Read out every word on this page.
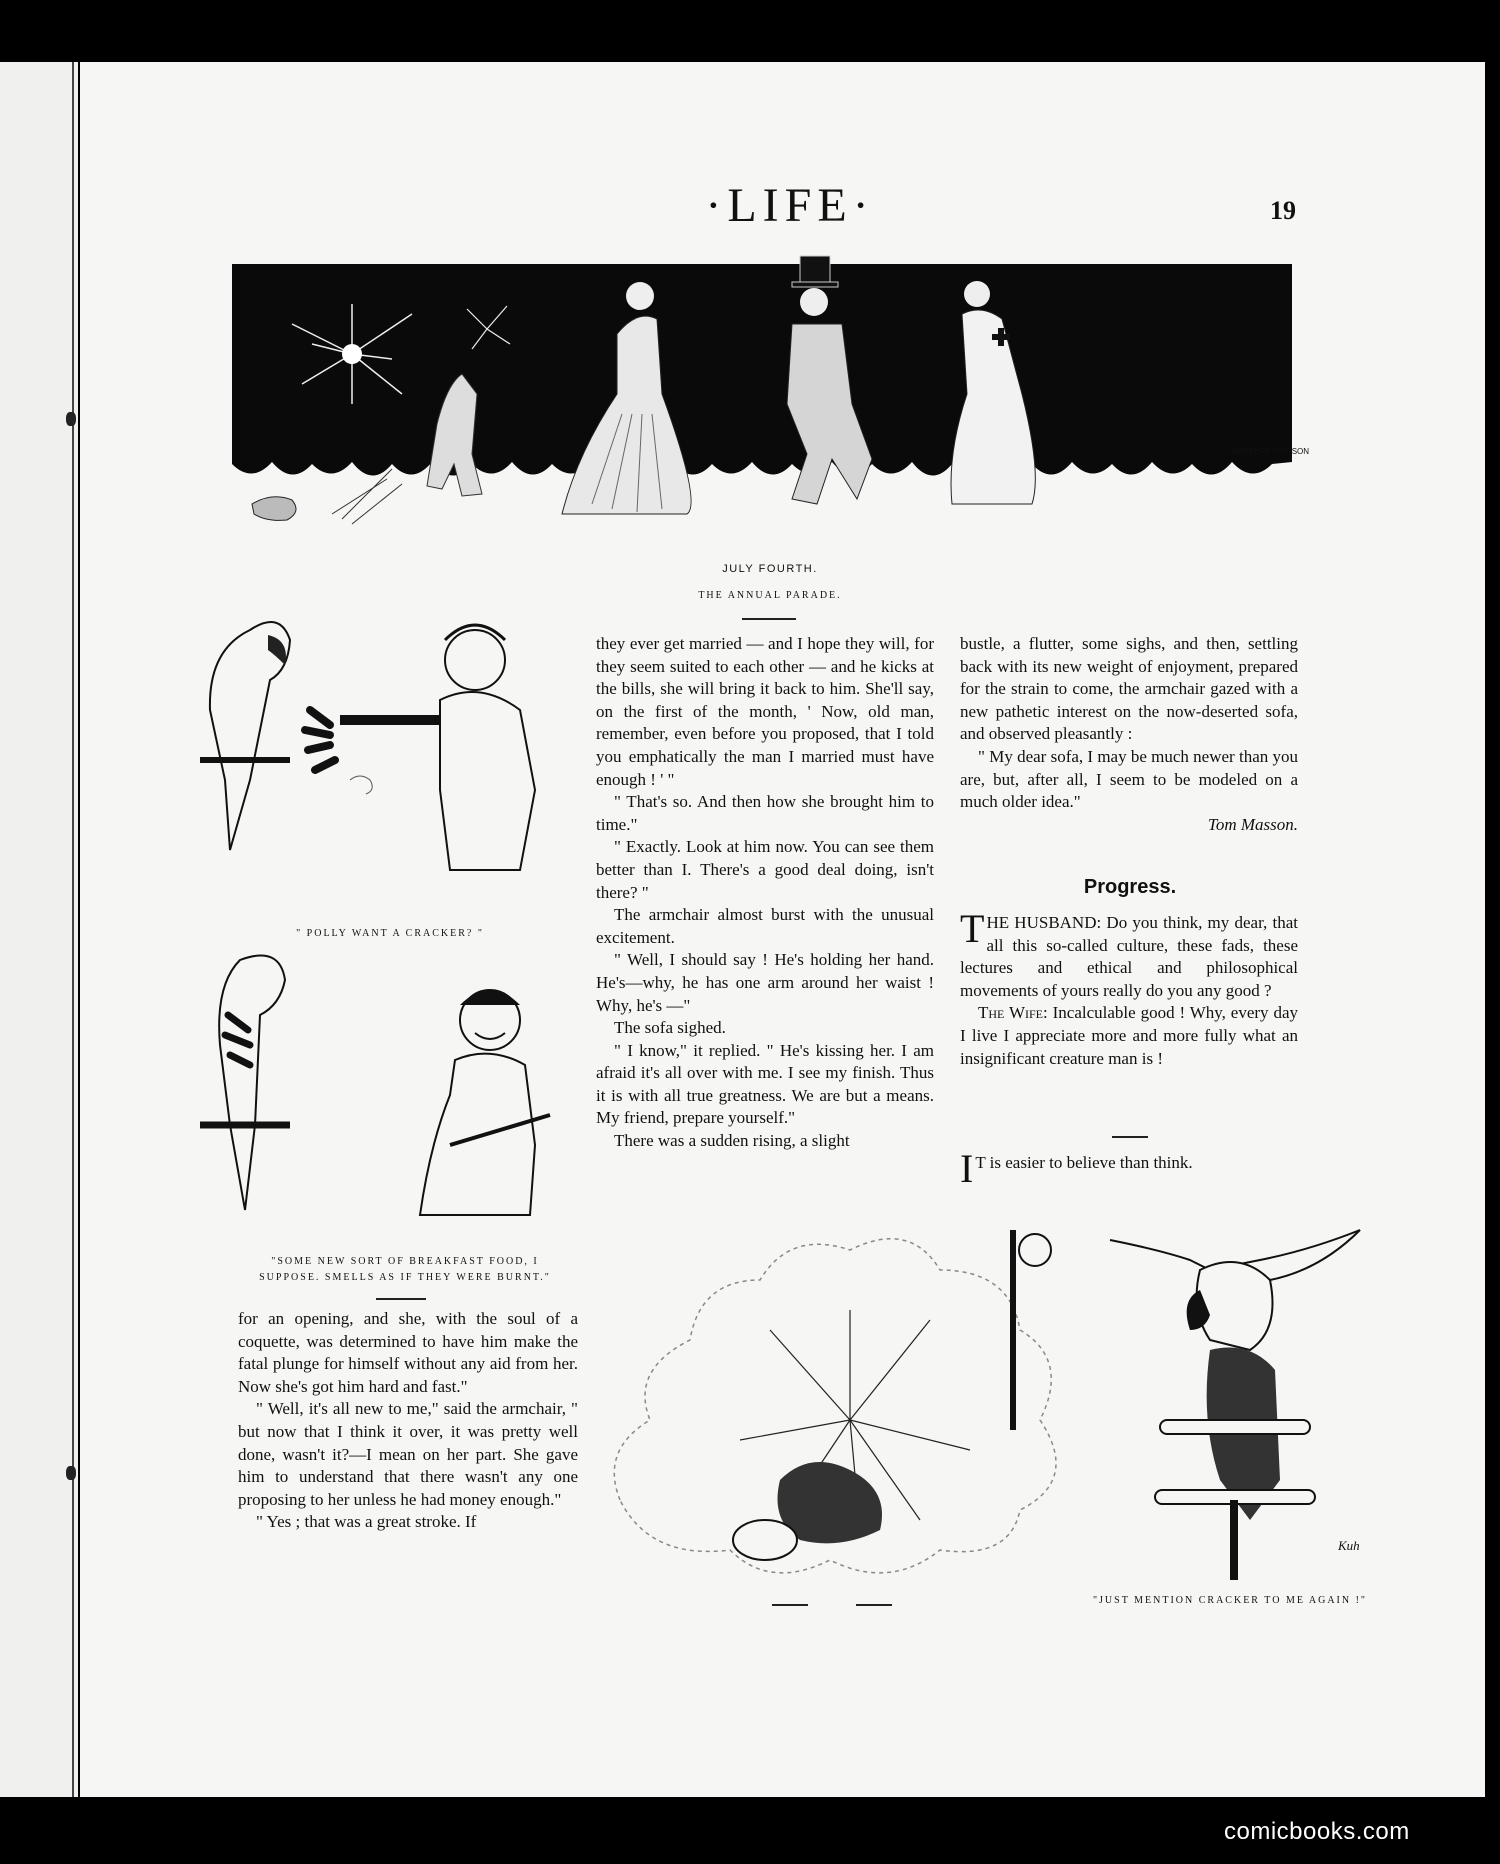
·LIFE·	19
HERBERT GRISSON
JULY FOURTH.
THE ANNUAL PARADE.
" POLLY WANT A CRACKER? "
"SOME NEW SORT OF BREAKFAST FOOD, I
SUPPOSE. SMELLS AS IF THEY WERE BURNT."

for an opening, and she, with the soul of a coquette, was determined to have him make the fatal plunge for himself without any aid from her. Now she's got him hard and fast."

" Well, it's all new to me," said the armchair, " but now that I think it over, it was pretty well done, wasn't it?—I mean on her part. She gave him to understand that there wasn't any one proposing to her unless he had money enough."

" Yes ; that was a great stroke. If

they ever get married — and I hope they will, for they seem suited to each other — and he kicks at the bills, she will bring it back to him. She'll say, on the first of the month, ' Now, old man, remember, even before you proposed, that I told you emphatically the man I married must have enough ! ' "

" That's so. And then how she brought him to time."

" Exactly. Look at him now. You can see them better than I. There's a good deal doing, isn't there? "

The armchair almost burst with the unusual excitement.

" Well, I should say ! He's holding her hand. He's—why, he has one arm around her waist ! Why, he's —"

The sofa sighed.

" I know," it replied. " He's kissing her. I am afraid it's all over with me. I see my finish. Thus it is with all true greatness. We are but a means. My friend, prepare yourself."

There was a sudden rising, a slight

bustle, a flutter, some sighs, and then, settling back with its new weight of enjoyment, prepared for the strain to come, the armchair gazed with a new pathetic interest on the now-deserted sofa, and observed pleasantly :

" My dear sofa, I may be much newer than you are, but, after all, I seem to be modeled on a much older idea."

Tom Masson.
Progress.

THE HUSBAND: Do you think, my dear, that all this so-called culture, these fads, these lectures and ethical and philosophical movements of yours really do you any good ?

The Wife: Incalculable good ! Why, every day I live I appreciate more and more fully what an insignificant creature man is !

I T is easier to believe than think.

Kuh
"JUST MENTION CRACKER TO ME AGAIN !"
comicbooks.com
